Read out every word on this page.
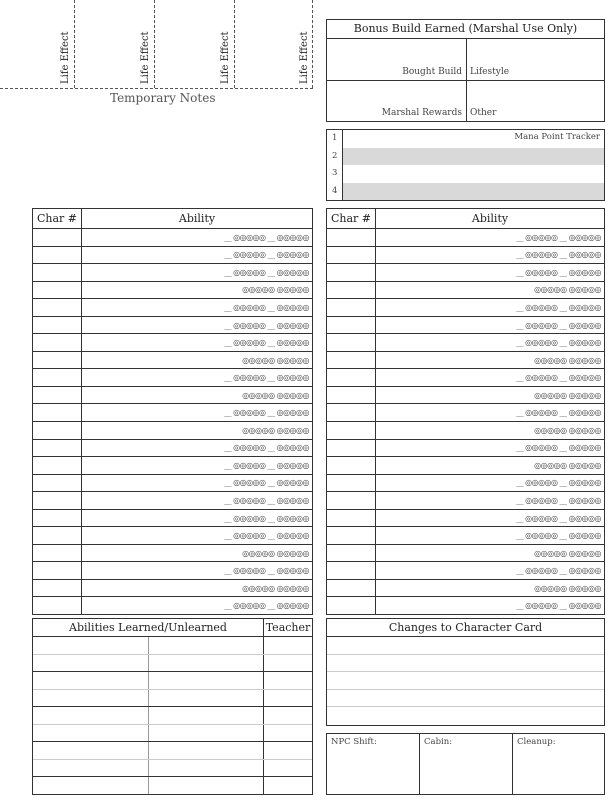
Life Effect	Life Effect	Life Effect	Life Effect
Temporary Notes
Bonus Build Earned (Marshal Use Only)
Bought Build Lifestyle
Marshal Rewards Other
Mana Point Tracker
1
2
3
4
Char #	Ability
	__ ◎◎◎◎◎ __ ◎◎◎◎◎
	__ ◎◎◎◎◎ __ ◎◎◎◎◎
	__ ◎◎◎◎◎ __ ◎◎◎◎◎
	◎◎◎◎◎ ◎◎◎◎◎
	__ ◎◎◎◎◎ __ ◎◎◎◎◎
	__ ◎◎◎◎◎ __ ◎◎◎◎◎
	__ ◎◎◎◎◎ __ ◎◎◎◎◎
	◎◎◎◎◎ ◎◎◎◎◎
	__ ◎◎◎◎◎ __ ◎◎◎◎◎
	◎◎◎◎◎ ◎◎◎◎◎
	__ ◎◎◎◎◎ __ ◎◎◎◎◎
	◎◎◎◎◎ ◎◎◎◎◎
	__ ◎◎◎◎◎ __ ◎◎◎◎◎
	__ ◎◎◎◎◎ __ ◎◎◎◎◎
	__ ◎◎◎◎◎ __ ◎◎◎◎◎
	__ ◎◎◎◎◎ __ ◎◎◎◎◎
	__ ◎◎◎◎◎ __ ◎◎◎◎◎
	__ ◎◎◎◎◎ __ ◎◎◎◎◎
	◎◎◎◎◎ ◎◎◎◎◎
	__ ◎◎◎◎◎ __ ◎◎◎◎◎
	◎◎◎◎◎ ◎◎◎◎◎
	__ ◎◎◎◎◎ __ ◎◎◎◎◎
Char #	Ability
	__ ◎◎◎◎◎ __ ◎◎◎◎◎
	__ ◎◎◎◎◎ __ ◎◎◎◎◎
	__ ◎◎◎◎◎ __ ◎◎◎◎◎
	◎◎◎◎◎ ◎◎◎◎◎
	__ ◎◎◎◎◎ __ ◎◎◎◎◎
	__ ◎◎◎◎◎ __ ◎◎◎◎◎
	__ ◎◎◎◎◎ __ ◎◎◎◎◎
	◎◎◎◎◎ ◎◎◎◎◎
	__ ◎◎◎◎◎ __ ◎◎◎◎◎
	◎◎◎◎◎ ◎◎◎◎◎
	__ ◎◎◎◎◎ __ ◎◎◎◎◎
	◎◎◎◎◎ ◎◎◎◎◎
	__ ◎◎◎◎◎ __ ◎◎◎◎◎
	◎◎◎◎◎ ◎◎◎◎◎
	__ ◎◎◎◎◎ __ ◎◎◎◎◎
	__ ◎◎◎◎◎ __ ◎◎◎◎◎
	__ ◎◎◎◎◎ __ ◎◎◎◎◎
	__ ◎◎◎◎◎ __ ◎◎◎◎◎
	◎◎◎◎◎ ◎◎◎◎◎
	__ ◎◎◎◎◎ __ ◎◎◎◎◎
	◎◎◎◎◎ ◎◎◎◎◎
	__ ◎◎◎◎◎ __ ◎◎◎◎◎
Abilities Learned/Unlearned	Teacher	Changes to Character Card
NPC Shift:	Cabin:	Cleanup:
